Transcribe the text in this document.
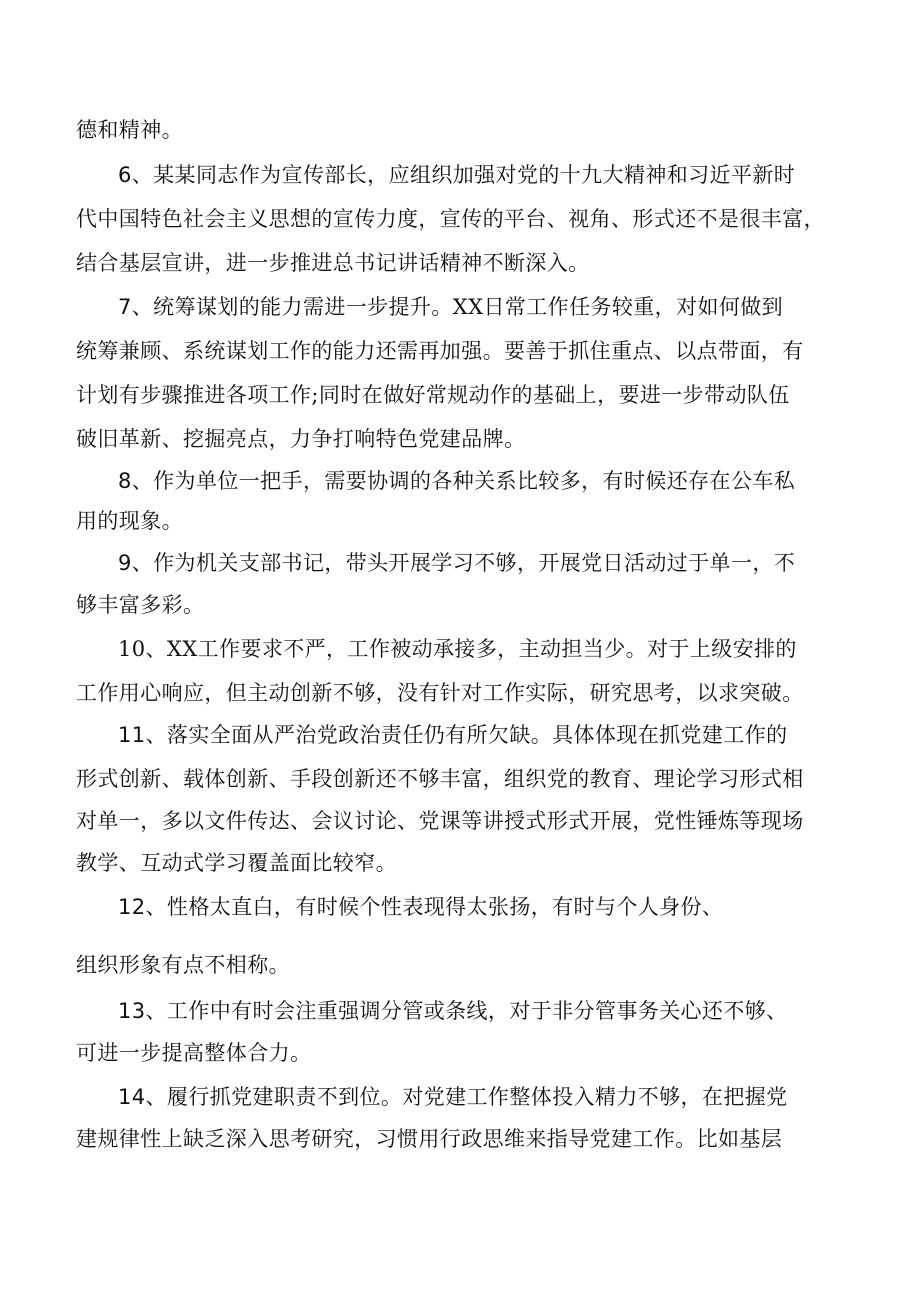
德和精神。
6、某某同志作为宣传部长，应组织加强对党的十九大精神和习近平新时
代中国特色社会主义思想的宣传力度，宣传的平台、视角、形式还不是很丰富，
结合基层宣讲，进一步推进总书记讲话精神不断深入。
7、统筹谋划的能力需进一步提升。XX日常工作任务较重，对如何做到
统筹兼顾、系统谋划工作的能力还需再加强。要善于抓住重点、以点带面，有
计划有步骤推进各项工作;同时在做好常规动作的基础上，要进一步带动队伍
破旧革新、挖掘亮点，力争打响特色党建品牌。
8、作为单位一把手，需要协调的各种关系比较多，有时候还存在公车私
用的现象。
9、作为机关支部书记，带头开展学习不够，开展党日活动过于单一，不
够丰富多彩。
10、XX工作要求不严，工作被动承接多，主动担当少。对于上级安排的
工作用心响应，但主动创新不够，没有针对工作实际，研究思考，以求突破。
11、落实全面从严治党政治责任仍有所欠缺。具体体现在抓党建工作的
形式创新、载体创新、手段创新还不够丰富，组织党的教育、理论学习形式相
对单一，多以文件传达、会议讨论、党课等讲授式形式开展，党性锤炼等现场
教学、互动式学习覆盖面比较窄。
12、性格太直白，有时候个性表现得太张扬，有时与个人身份、
组织形象有点不相称。
13、工作中有时会注重强调分管或条线，对于非分管事务关心还不够、
可进一步提高整体合力。
14、履行抓党建职责不到位。对党建工作整体投入精力不够，在把握党
建规律性上缺乏深入思考研究，习惯用行政思维来指导党建工作。比如基层
